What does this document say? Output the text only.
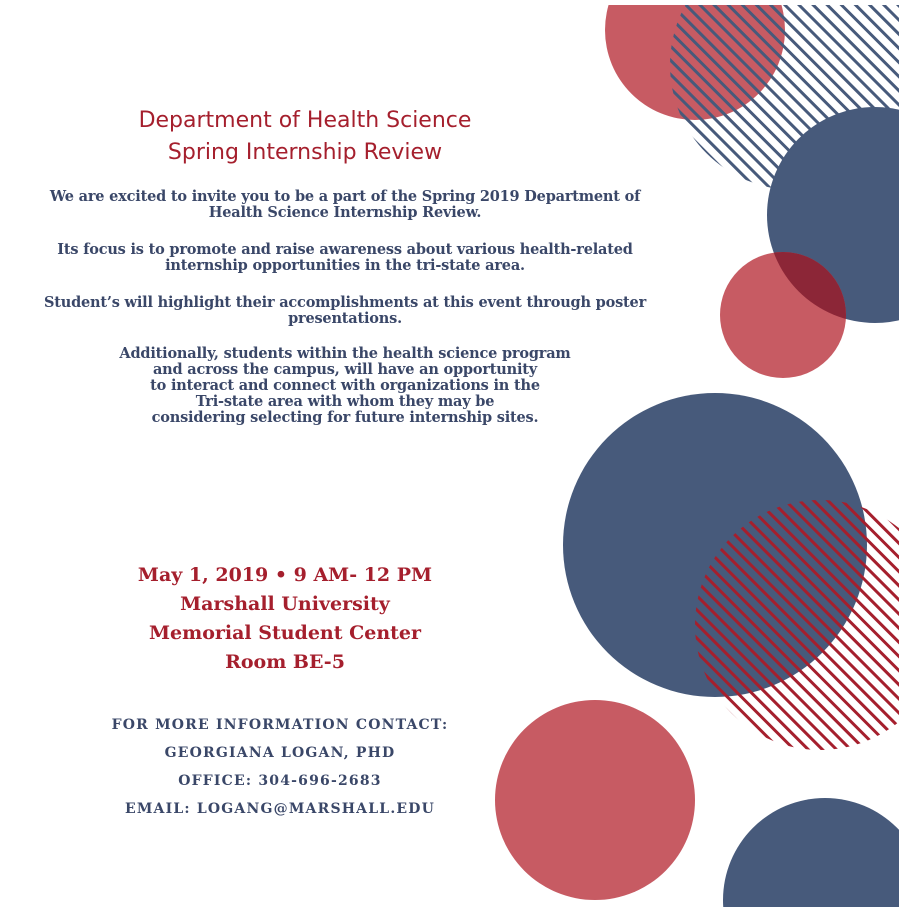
Department of Health Science
Spring Internship Review
We are excited to invite you to be a part of the Spring 2019 Department of
Health Science Internship Review.
Its focus is to promote and raise awareness about various health-related
internship opportunities in the tri-state area.
Student’s will highlight their accomplishments at this event through poster
presentations.
Additionally, students within the health science program
and across the campus, will have an opportunity
to interact and connect with organizations in the
Tri-state area with whom they may be
considering selecting for future internship sites.
May 1, 2019 • 9 AM- 12 PM
Marshall University
Memorial Student Center
Room BE-5
FOR MORE INFORMATION CONTACT:
GEORGIANA LOGAN, PHD
OFFICE: 304-696-2683
EMAIL: LOGANG@MARSHALL.EDU
